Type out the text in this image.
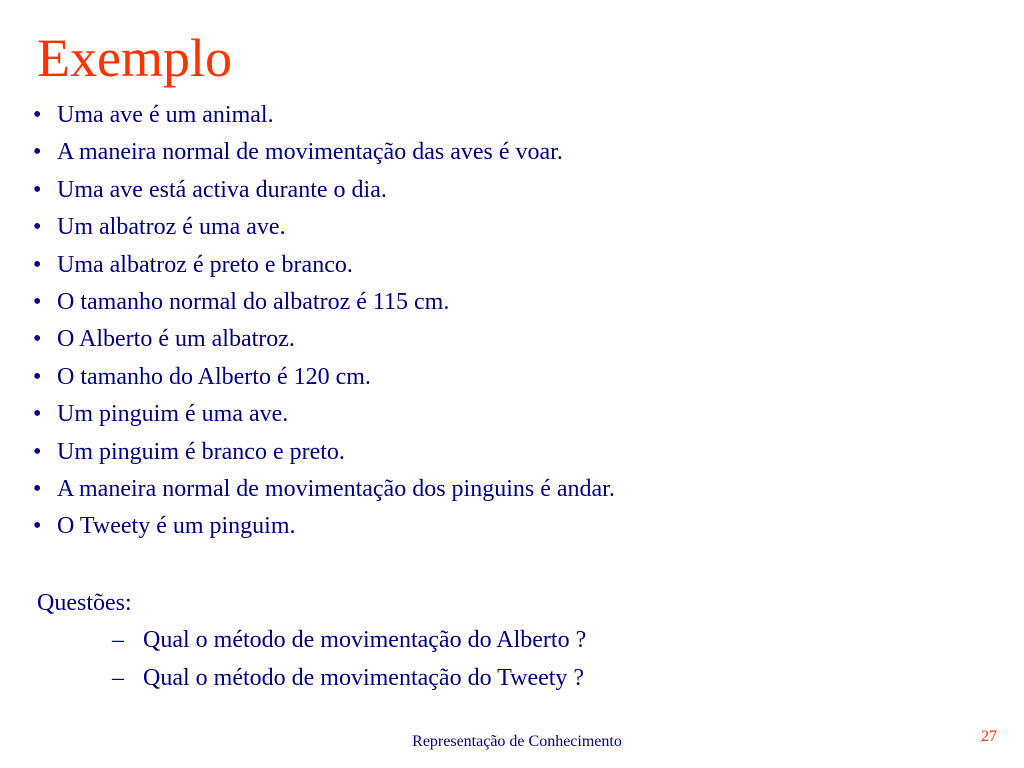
Exemplo
• Uma ave é um animal.
• A maneira normal de movimentação das aves é voar.
• Uma ave está activa durante o dia.
• Um albatroz é uma ave.
• Uma albatroz é preto e branco.
• O tamanho normal do albatroz é 115 cm.
• O Alberto é um albatroz.
• O tamanho do Alberto é 120 cm.
• Um pinguim é uma ave.
• Um pinguim é branco e preto.
• A maneira normal de movimentação dos pinguins é andar.
• O Tweety é um pinguim.

Questões:

– Qual o método de movimentação do Alberto ?
– Qual o método de movimentação do Tweety ?
Representação de Conhecimento	27
